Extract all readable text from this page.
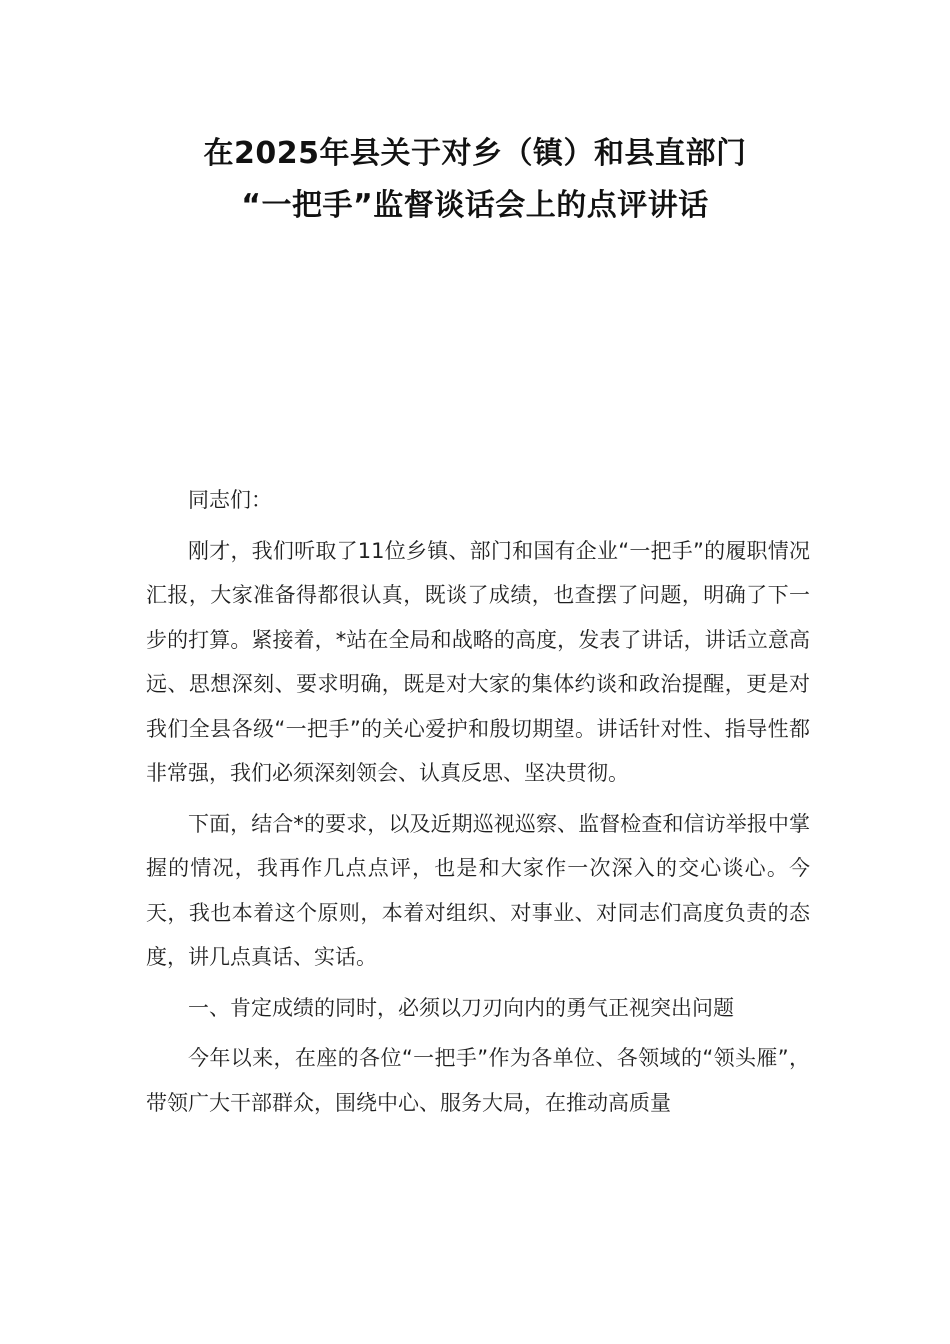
在2025年县关于对乡（镇）和县直部门
“一把手”监督谈话会上的点评讲话

同志们：

刚才，我们听取了11位乡镇、部门和国有企业“一把手”的履职情况汇报，大家准备得都很认真，既谈了成绩，也查摆了问题，明确了下一步的打算。紧接着，*站在全局和战略的高度，发表了讲话，讲话立意高远、思想深刻、要求明确，既是对大家的集体约谈和政治提醒，更是对我们全县各级“一把手”的关心爱护和殷切期望。讲话针对性、指导性都非常强，我们必须深刻领会、认真反思、坚决贯彻。

下面，结合*的要求，以及近期巡视巡察、监督检查和信访举报中掌握的情况，我再作几点点评，也是和大家作一次深入的交心谈心。今天，我也本着这个原则，本着对组织、对事业、对同志们高度负责的态度，讲几点真话、实话。

一、肯定成绩的同时，必须以刀刃向内的勇气正视突出问题

今年以来，在座的各位“一把手”作为各单位、各领域的“领头雁”，带领广大干部群众，围绕中心、服务大局，在推动高质量
